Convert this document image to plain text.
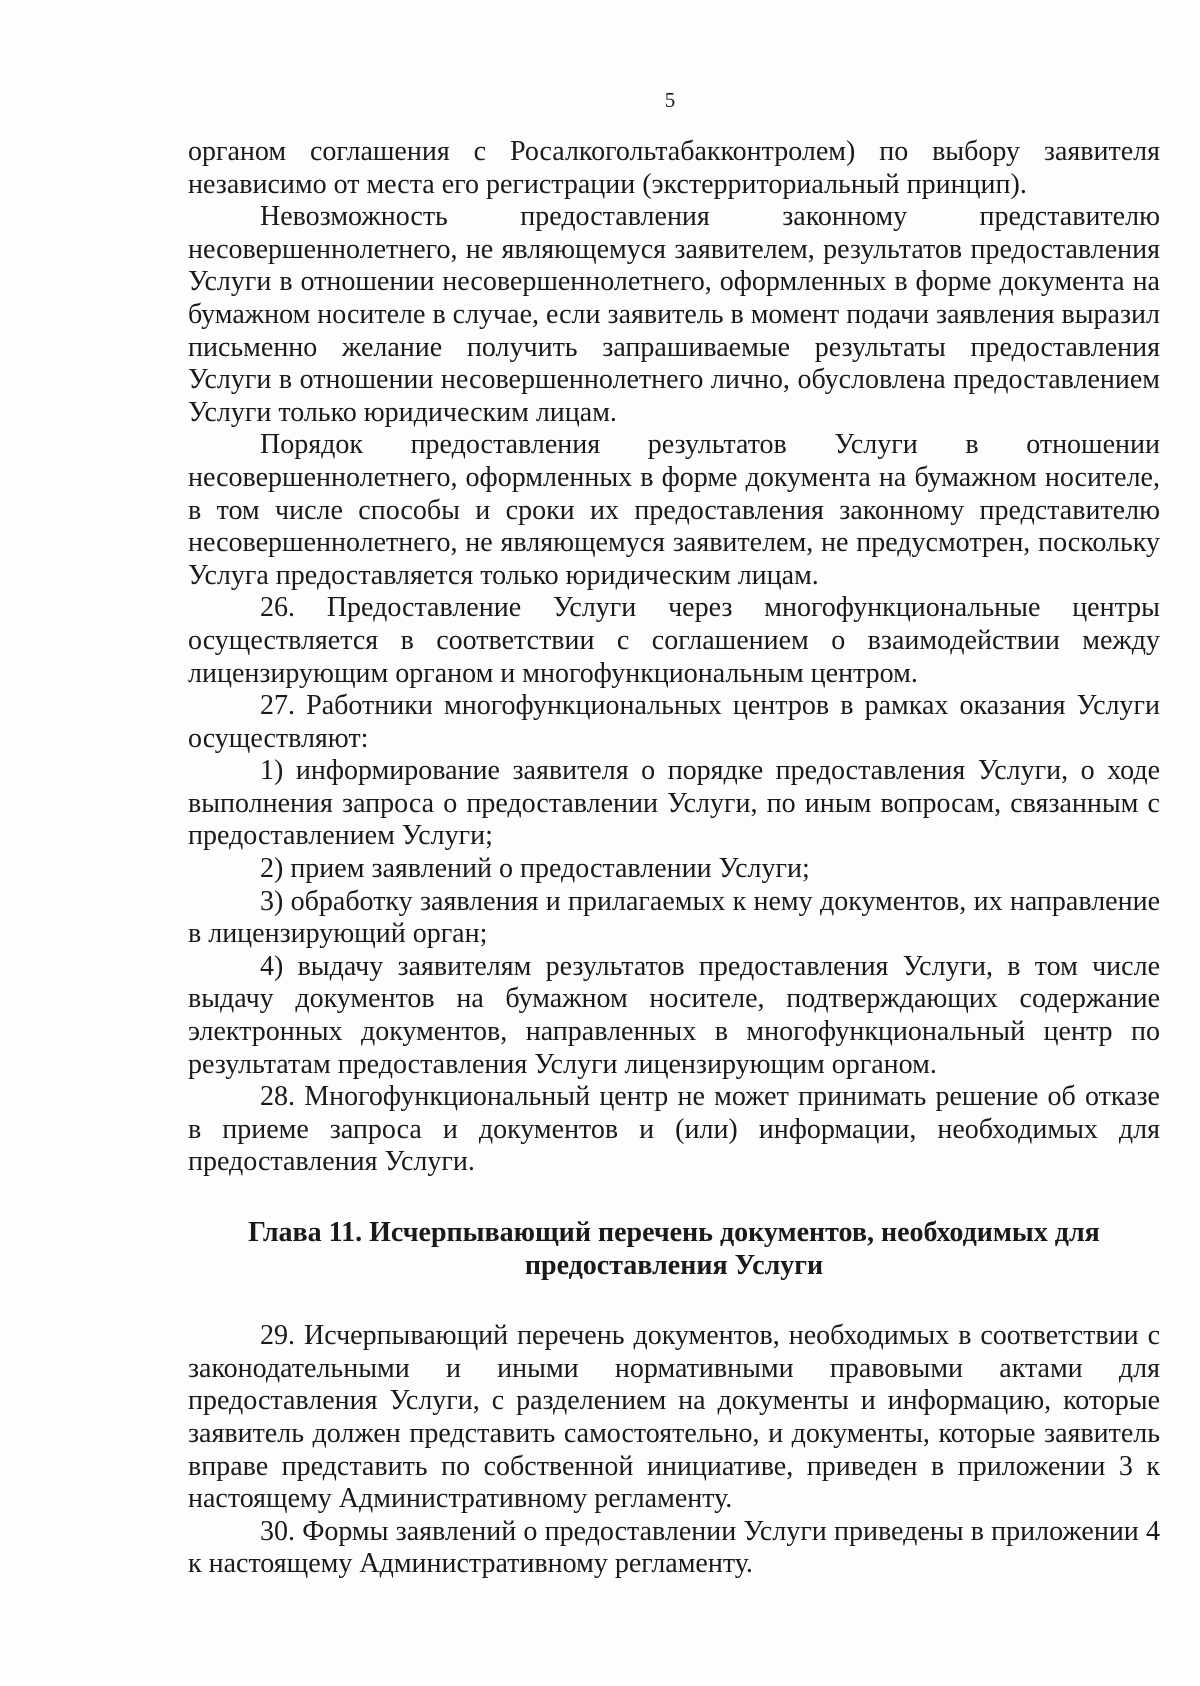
5

органом соглашения с Росалкогольтабакконтролем) по выбору заявителя независимо от места его регистрации (экстерриториальный принцип).

Невозможность предоставления законному представителю несовершеннолетнего, не являющемуся заявителем, результатов предоставления Услуги в отношении несовершеннолетнего, оформленных в форме документа на бумажном носителе в случае, если заявитель в момент подачи заявления выразил письменно желание получить запрашиваемые результаты предоставления Услуги в отношении несовершеннолетнего лично, обусловлена предоставлением Услуги только юридическим лицам.

Порядок предоставления результатов Услуги в отношении несовершеннолетнего, оформленных в форме документа на бумажном носителе, в том числе способы и сроки их предоставления законному представителю несовершеннолетнего, не являющемуся заявителем, не предусмотрен, поскольку Услуга предоставляется только юридическим лицам.

26. Предоставление Услуги через многофункциональные центры осуществляется в соответствии с соглашением о взаимодействии между лицензирующим органом и многофункциональным центром.

27. Работники многофункциональных центров в рамках оказания Услуги осуществляют:

1) информирование заявителя о порядке предоставления Услуги, о ходе выполнения запроса о предоставлении Услуги, по иным вопросам, связанным с предоставлением Услуги;

2) прием заявлений о предоставлении Услуги;

3) обработку заявления и прилагаемых к нему документов, их направление в лицензирующий орган;

4) выдачу заявителям результатов предоставления Услуги, в том числе выдачу документов на бумажном носителе, подтверждающих содержание электронных документов, направленных в многофункциональный центр по результатам предоставления Услуги лицензирующим органом.

28. Многофункциональный центр не может принимать решение об отказе в приеме запроса и документов и (или) информации, необходимых для предоставления Услуги.

Глава 11. Исчерпывающий перечень документов, необходимых для предоставления Услуги

29. Исчерпывающий перечень документов, необходимых в соответствии с законодательными и иными нормативными правовыми актами для предоставления Услуги, с разделением на документы и информацию, которые заявитель должен представить самостоятельно, и документы, которые заявитель вправе представить по собственной инициативе, приведен в приложении 3 к настоящему Административному регламенту.

30. Формы заявлений о предоставлении Услуги приведены в приложении 4 к настоящему Административному регламенту.
